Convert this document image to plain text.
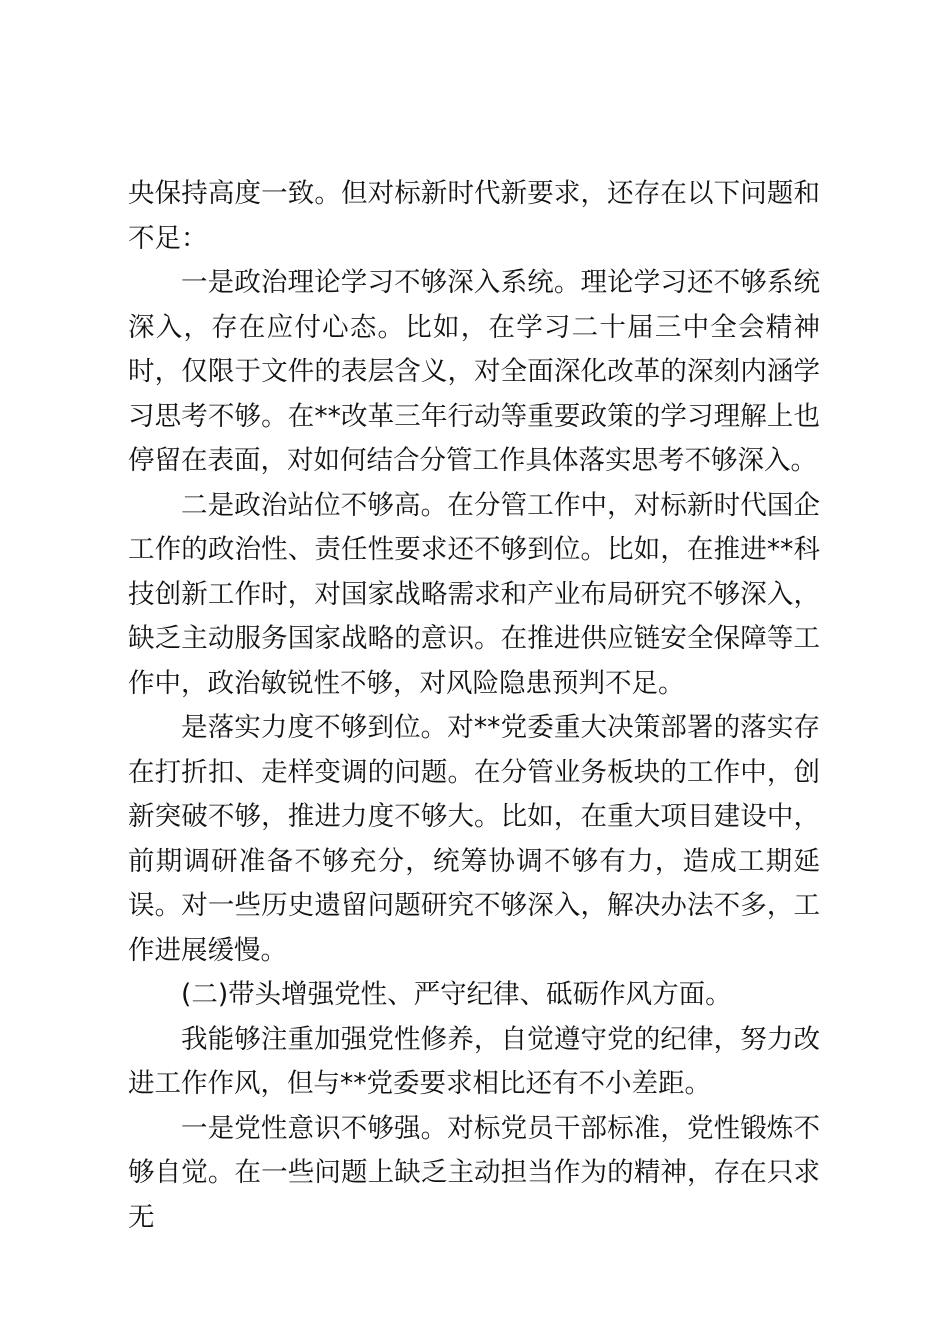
央保持高度一致。但对标新时代新要求，还存在以下问题和不足：

一是政治理论学习不够深入系统。理论学习还不够系统深入，存在应付心态。比如，在学习二十届三中全会精神时，仅限于文件的表层含义，对全面深化改革的深刻内涵学习思考不够。在**改革三年行动等重要政策的学习理解上也停留在表面，对如何结合分管工作具体落实思考不够深入。

二是政治站位不够高。在分管工作中，对标新时代国企工作的政治性、责任性要求还不够到位。比如，在推进**科技创新工作时，对国家战略需求和产业布局研究不够深入，缺乏主动服务国家战略的意识。在推进供应链安全保障等工作中，政治敏锐性不够，对风险隐患预判不足。

是落实力度不够到位。对**党委重大决策部署的落实存在打折扣、走样变调的问题。在分管业务板块的工作中，创新突破不够，推进力度不够大。比如，在重大项目建设中，前期调研准备不够充分，统筹协调不够有力，造成工期延误。对一些历史遗留问题研究不够深入，解决办法不多，工作进展缓慢。

(二)带头增强党性、严守纪律、砥砺作风方面。

我能够注重加强党性修养，自觉遵守党的纪律，努力改进工作作风，但与**党委要求相比还有不小差距。

一是党性意识不够强。对标党员干部标准，党性锻炼不够自觉。在一些问题上缺乏主动担当作为的精神，存在只求无
